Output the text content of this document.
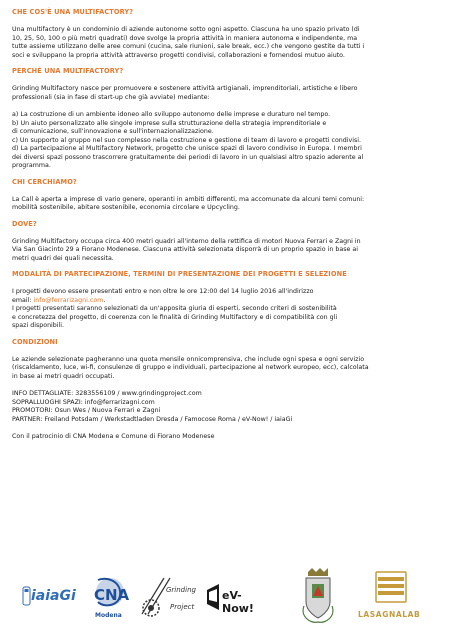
CHE COS'È UNA MULTIFACTORY?

Una multifactory è un condominio di aziende autonome sotto ogni aspetto. Ciascuna ha uno spazio privato (di

10, 25, 50, 100 o più metri quadrati) dove svolge la propria attività in maniera autonoma e indipendente, ma

tutte assieme utilizzano delle aree comuni (cucina, sale riunioni, sale break, ecc.) che vengono gestite da tutti i

soci e sviluppano la propria attività attraverso progetti condivisi, collaborazioni e fornendosi mutuo aiuto.

PERCHÉ UNA MULTIFACTORY?

Grinding Multifactory nasce per promuovere e sostenere attività artigianali, imprenditoriali, artistiche e libero

professionali (sia in fase di start-up che già avviate) mediante:

a) La costruzione di un ambiente idoneo allo sviluppo autonomo delle imprese e duraturo nel tempo.

b) Un aiuto personalizzato alle singole imprese sulla strutturazione della strategia imprenditoriale e

di comunicazione, sull'innovazione e sull'internazionalizzazione.

c) Un supporto al gruppo nel suo complesso nella costruzione e gestione di team di lavoro e progetti condivisi.

d) La partecipazione al Multifactory Network, progetto che unisce spazi di lavoro condiviso in Europa. I membri

dei diversi spazi possono trascorrere gratuitamente dei periodi di lavoro in un qualsiasi altro spazio aderente al

programma.

CHI CERCHIAMO?

La Call è aperta a imprese di vario genere, operanti in ambiti differenti, ma accomunate da alcuni temi comuni:

mobilità sostenibile, abitare sostenibile, economia circolare e Upcycling.

DOVE?

Grinding Multifactory occupa circa 400 metri quadri all'interno della rettifica di motori Nuova Ferrari e Zagni in

Via San Giacinto 29 a Fiorano Modenese. Ciascuna attività selezionata disporrà di un proprio spazio in base ai

metri quadri dei quali necessita.

MODALITÀ DI PARTECIPAZIONE, TERMINI DI PRESENTAZIONE DEI PROGETTI E SELEZIONE

I progetti devono essere presentati entro e non oltre le ore 12:00 del 14 luglio 2016 all'indirizzo

email: info@ferrarizagni.com.

I progetti presentati saranno selezionati da un'apposita giuria di esperti, secondo criteri di sostenibilità

e concretezza del progetto, di coerenza con le finalità di Grinding Multifactory e di compatibilità con gli

spazi disponibili.

CONDIZIONI

Le aziende selezionate pagheranno una quota mensile onnicomprensiva, che include ogni spesa e ogni servizio

(riscaldamento, luce, wi-fi, consulenze di gruppo e individuali, partecipazione al network europeo, ecc), calcolata

in base ai metri quadri occupati.

INFO DETTAGLIATE: 3283556109 / www.grindingproject.com

SOPRALLUOGHI SPAZI: info@ferrarizagni.com

PROMOTORI: Osun Wes / Nuova Ferrari e Zagni

PARTNER: Freiland Potsdam / Werkstadtladen Dresda / Famocose Roma / eV-Now! / iaiaGi

Con il patrocinio di CNA Modena e Comune di Fiorano Modenese

iaiaGi CNA
Modena
Grinding
Project
eV-Now!	LASAGNALAB
